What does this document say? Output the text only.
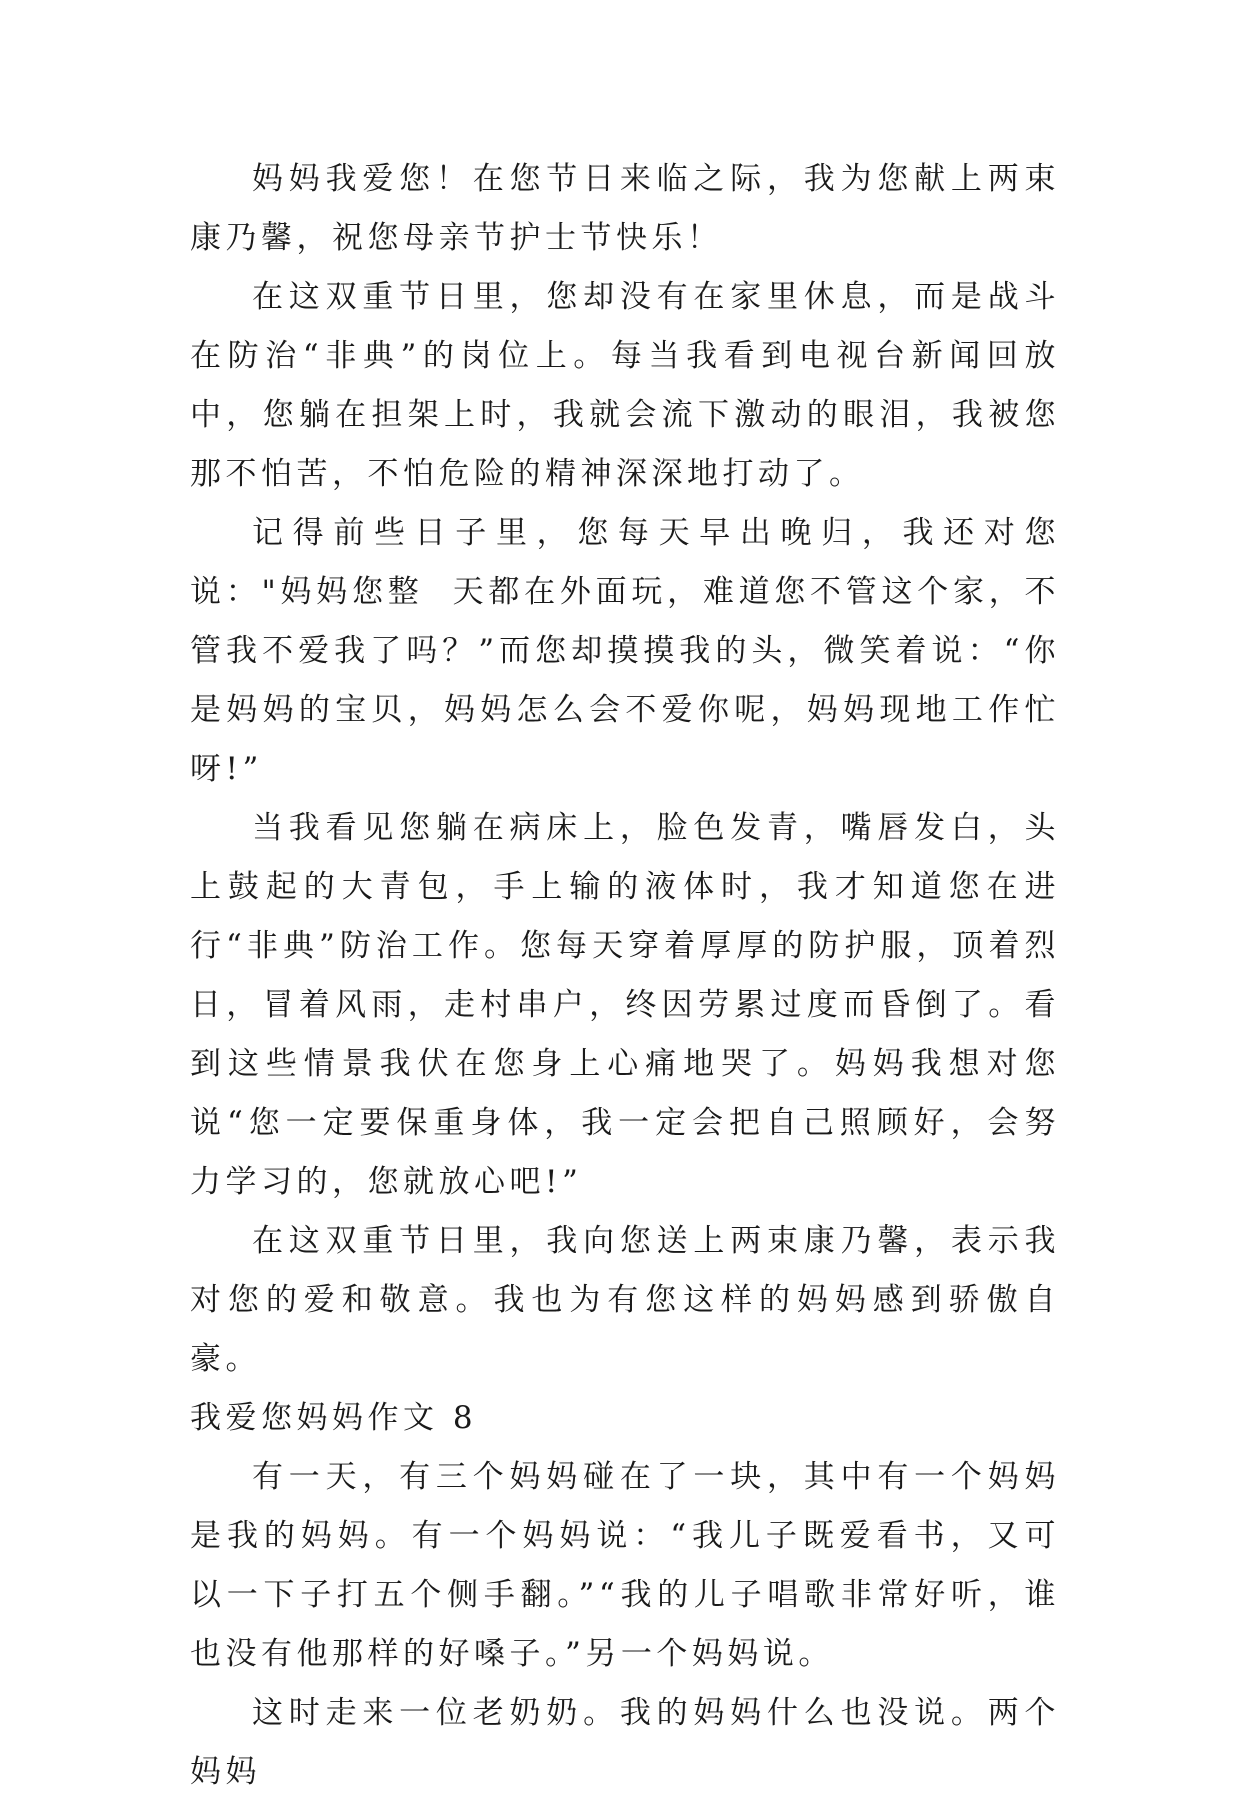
妈妈我爱您！在您节日来临之际，我为您献上两束康乃馨，祝您母亲节护士节快乐！

在这双重节日里，您却没有在家里休息，而是战斗在防治“非典”的岗位上。每当我看到电视台新闻回放中，您躺在担架上时，我就会流下激动的眼泪，我被您那不怕苦，不怕危险的精神深深地打动了。

记得前些日子里，您每天早出晚归，我还对您说："妈妈您整  天都在外面玩，难道您不管这个家，不管我不爱我了吗？”而您却摸摸我的头，微笑着说：“你是妈妈的宝贝，妈妈怎么会不爱你呢，妈妈现地工作忙呀!”

当我看见您躺在病床上，脸色发青，嘴唇发白，头上鼓起的大青包，手上输的液体时，我才知道您在进行“非典”防治工作。您每天穿着厚厚的防护服，顶着烈日，冒着风雨，走村串户，终因劳累过度而昏倒了。看到这些情景我伏在您身上心痛地哭了。妈妈我想对您说“您一定要保重身体，我一定会把自己照顾好，会努力学习的，您就放心吧!”

在这双重节日里，我向您送上两束康乃馨，表示我对您的爱和敬意。我也为有您这样的妈妈感到骄傲自豪。

我爱您妈妈作文 8

有一天，有三个妈妈碰在了一块，其中有一个妈妈是我的妈妈。有一个妈妈说：“我儿子既爱看书，又可以一下子打五个侧手翻。”“我的儿子唱歌非常好听，谁也没有他那样的好嗓子。”另一个妈妈说。

这时走来一位老奶奶。我的妈妈什么也没说。两个妈妈
